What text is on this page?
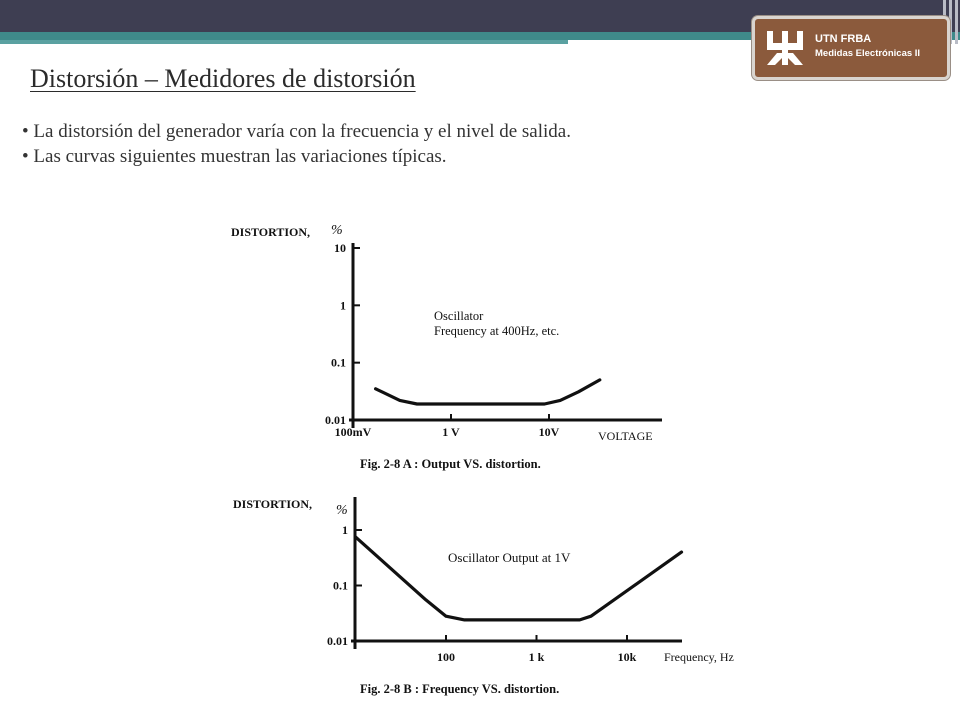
UTN FRBA
Medidas Electrónicas II
Distorsión – Medidores de distorsión
• La distorsión del generador varía con la frecuencia y el nivel de salida.
• Las curvas siguientes muestran las variaciones típicas.
10
1
0.1
0.01
100mV	1 V	10V
DISTORTION, %
VOLTAGE
Oscillator
Frequency at 400Hz, etc.
Fig. 2-8 A : Output VS. distortion.
1
0.1
0.01
100	1 k	10k
DISTORTION, %
Frequency, Hz
Oscillator Output at 1V
Fig. 2-8 B : Frequency VS. distortion.
